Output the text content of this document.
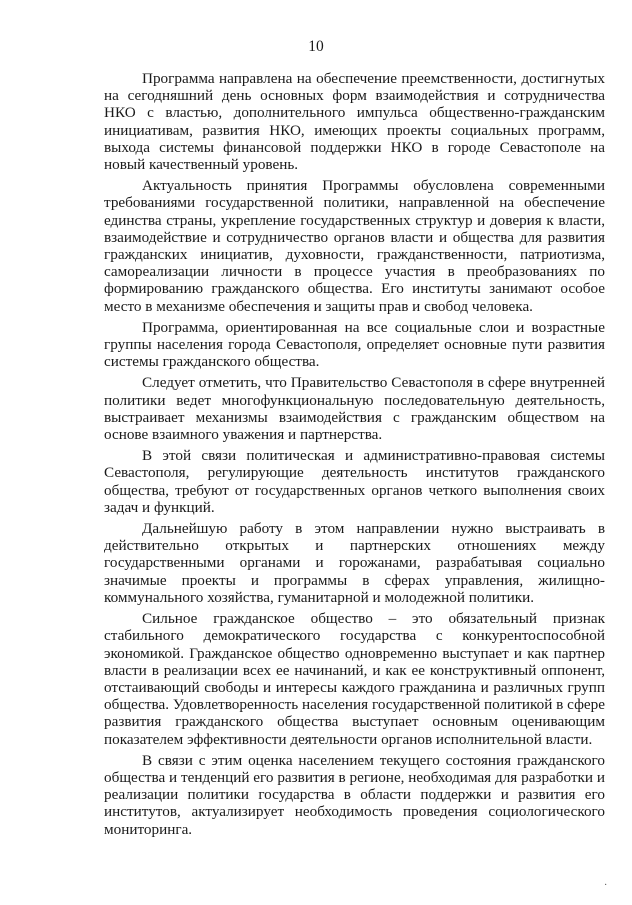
10

Программа направлена на обеспечение преемственности, достигнутых на сегодняшний день основных форм взаимодействия и сотрудничества НКО с властью, дополнительного импульса общественно-гражданским инициативам, развития НКО, имеющих проекты социальных программ, выхода системы финансовой поддержки НКО в городе Севастополе на новый качественный уровень.

Актуальность принятия Программы обусловлена современными требованиями государственной политики, направленной на обеспечение единства страны, укрепление государственных структур и доверия к власти, взаимодействие и сотрудничество органов власти и общества для развития гражданских инициатив, духовности, гражданственности, патриотизма, самореализации личности в процессе участия в преобразованиях по формированию гражданского общества. Его институты занимают особое место в механизме обеспечения и защиты прав и свобод человека.

Программа, ориентированная на все социальные слои и возрастные группы населения города Севастополя, определяет основные пути развития системы гражданского общества.

Следует отметить, что Правительство Севастополя в сфере внутренней политики ведет многофункциональную последовательную деятельность, выстраивает механизмы взаимодействия с гражданским обществом на основе взаимного уважения и партнерства.

В этой связи политическая и административно-правовая системы Севастополя, регулирующие деятельность институтов гражданского общества, требуют от государственных органов четкого выполнения своих задач и функций.

Дальнейшую работу в этом направлении нужно выстраивать в действительно открытых и партнерских отношениях между государственными органами и горожанами, разрабатывая социально значимые проекты и программы в сферах управления, жилищно-коммунального хозяйства, гуманитарной и молодежной политики.

Сильное гражданское общество – это обязательный признак стабильного демократического государства с конкурентоспособной экономикой. Гражданское общество одновременно выступает и как партнер власти в реализации всех ее начинаний, и как ее конструктивный оппонент, отстаивающий свободы и интересы каждого гражданина и различных групп общества. Удовлетворенность населения государственной политикой в сфере развития гражданского общества выступает основным оценивающим показателем эффективности деятельности органов исполнительной власти.

В связи с этим оценка населением текущего состояния гражданского общества и тенденций его развития в регионе, необходимая для разработки и реализации политики государства в области поддержки и развития его институтов, актуализирует необходимость проведения социологического мониторинга.

·
